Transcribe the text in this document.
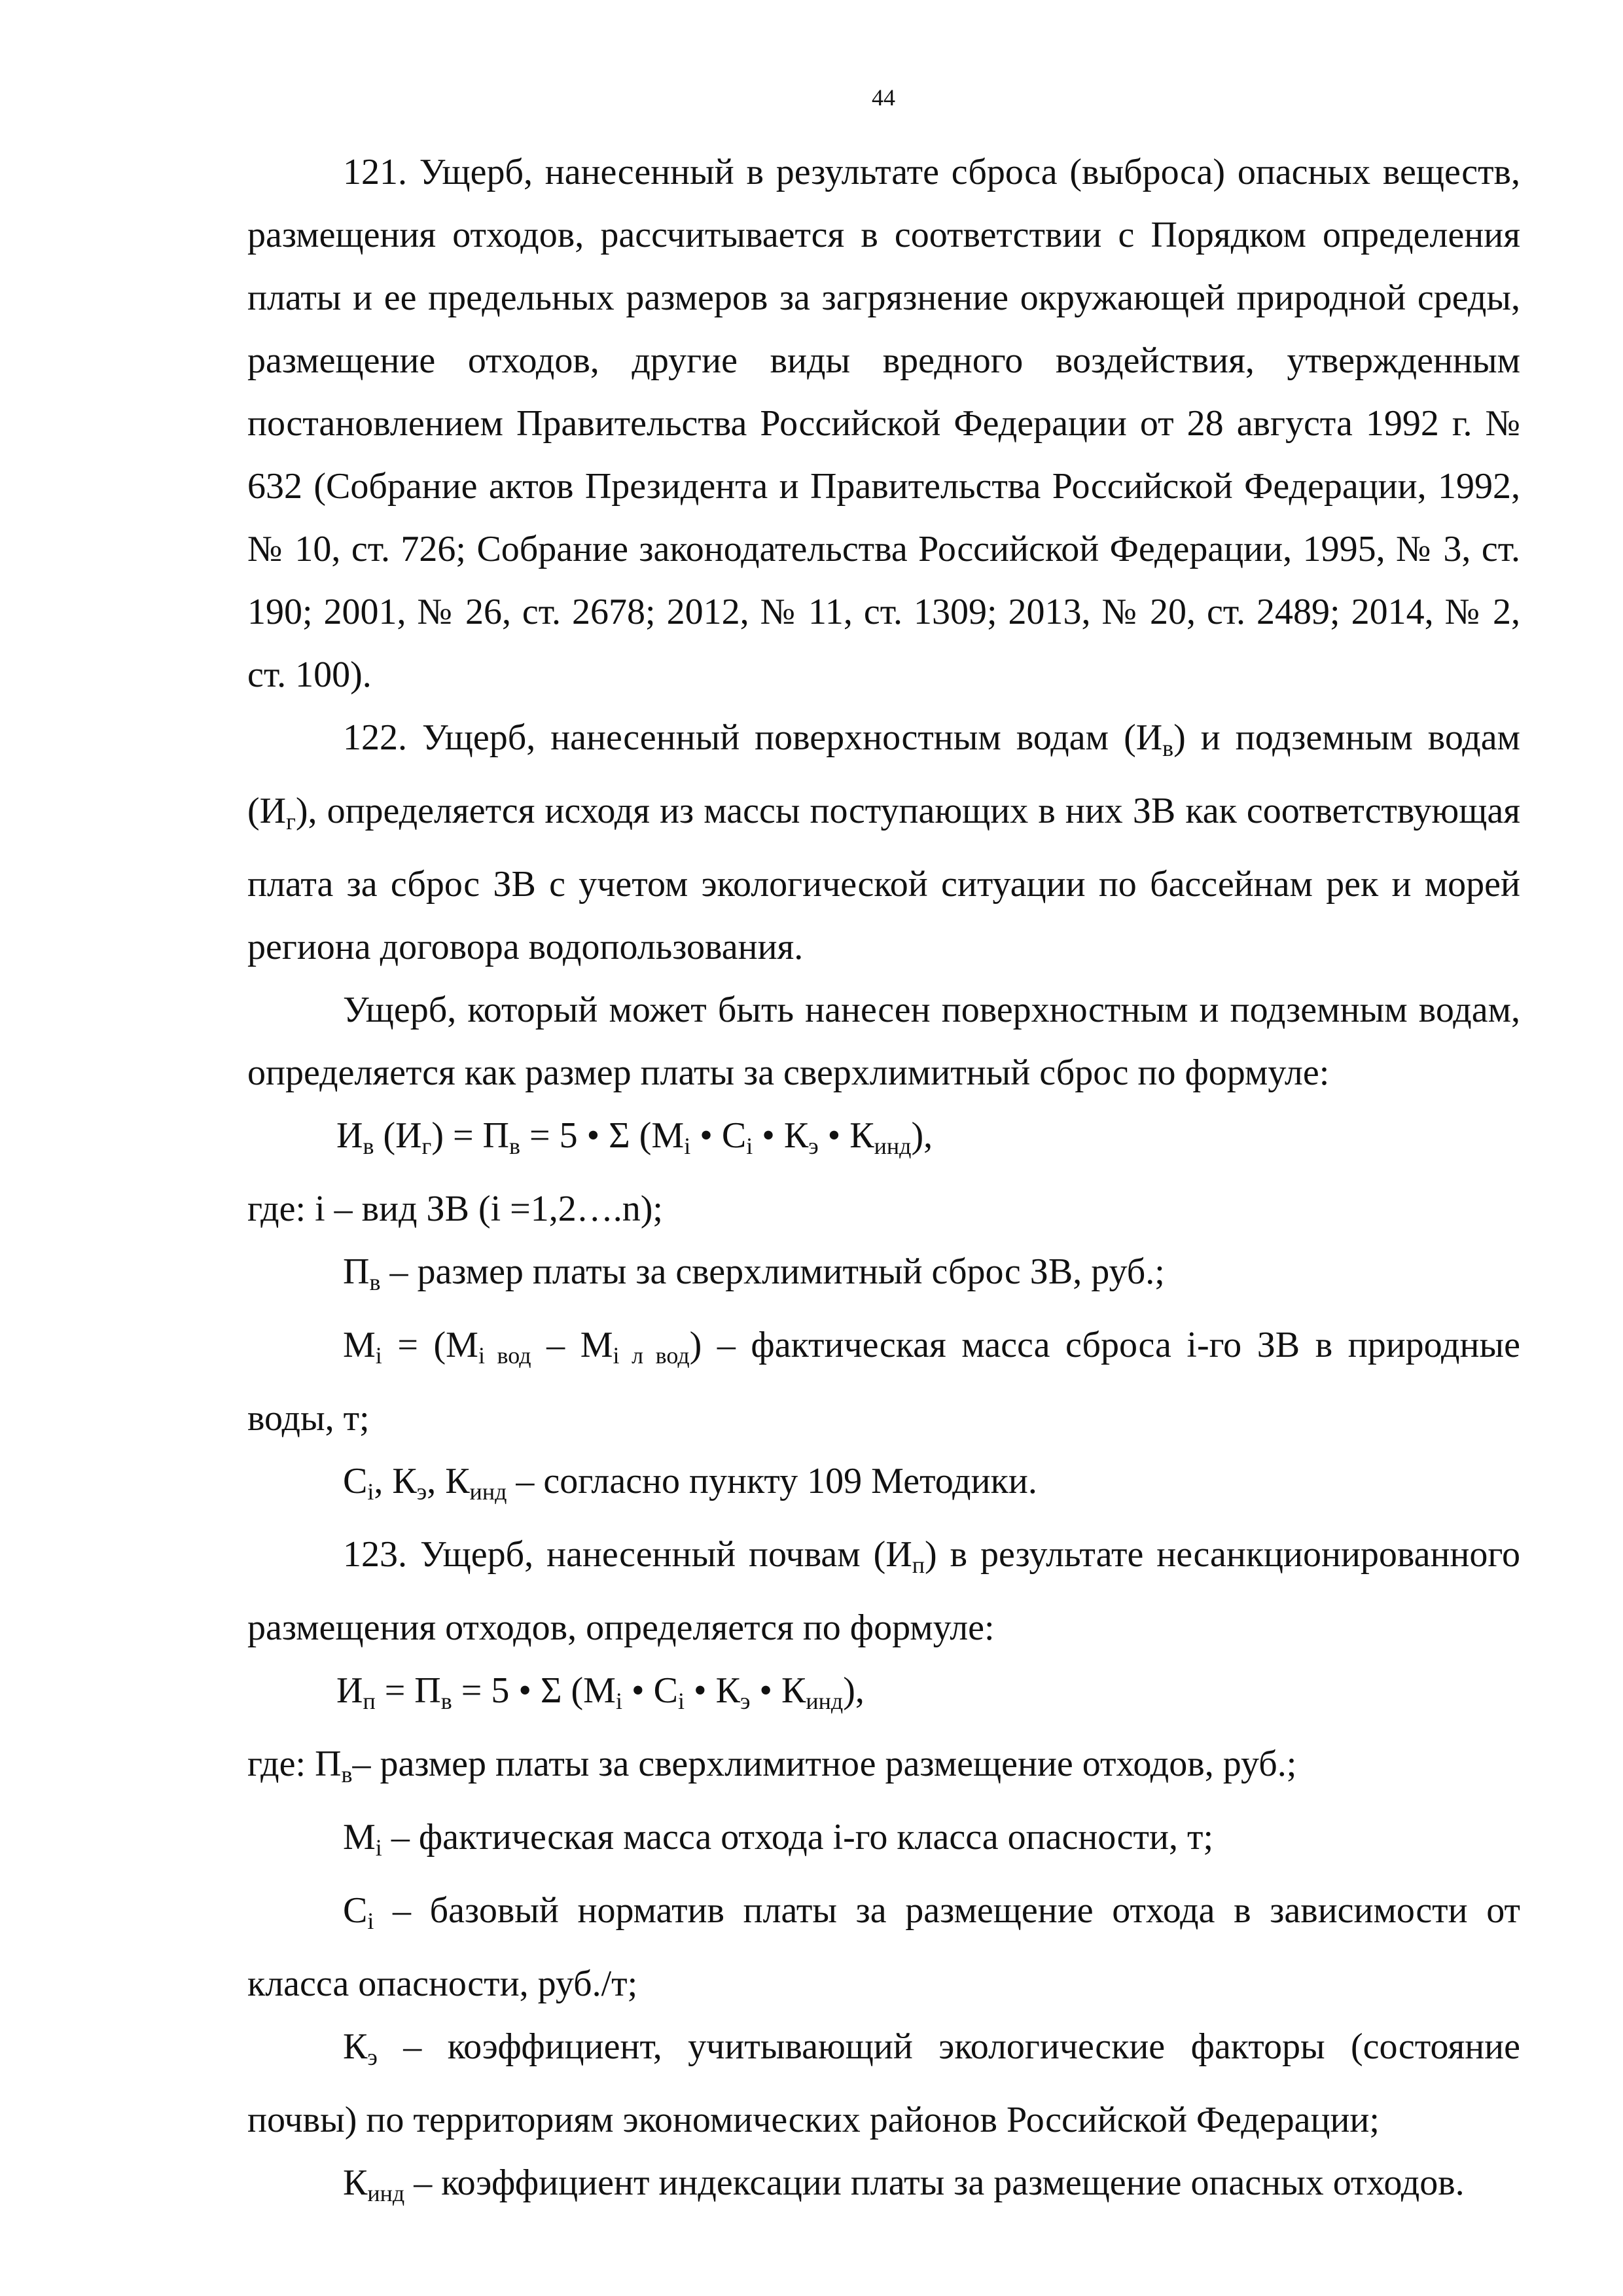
44

121. Ущерб, нанесенный в результате сброса (выброса) опасных веществ, размещения отходов, рассчитывается в соответствии с Порядком определения платы и ее предельных размеров за загрязнение окружающей природной среды, размещение отходов, другие виды вредного воздействия, утвержденным постановлением Правительства Российской Федерации от 28 августа 1992 г. № 632 (Собрание актов Президента и Правительства Российской Федерации, 1992, № 10, ст. 726; Собрание законодательства Российской Федерации, 1995, № 3, ст. 190; 2001, № 26, ст. 2678; 2012, № 11, ст. 1309; 2013, № 20, ст. 2489; 2014, № 2, ст. 100).

122. Ущерб, нанесенный поверхностным водам $(И_в)$ и подземным водам $(И_г)$, определяется исходя из массы поступающих в них ЗВ как соответствующая плата за сброс ЗВ с учетом экологической ситуации по бассейнам рек и морей региона договора водопользования.

Ущерб, который может быть нанесен поверхностным и подземным водам, определяется как размер платы за сверхлимитный сброс по формуле:

$И_в$ $(И_г) = П_в = 5$ • Σ ($М_i$ • $С_i$ • $К_э$ • $К_{инд}$),

где: i – вид ЗВ (i =1,2….n);

$П_в$ – размер платы за сверхлимитный сброс ЗВ, руб.;

$М_i = (М_{i вод} - М_{i л вод})$ – фактическая масса сброса i-го ЗВ в природные воды, т;

$С_i$, $К_э$, $К_{инд}$ – согласно пункту 109 Методики.

123. Ущерб, нанесенный почвам $(И_п)$ в результате несанкционированного размещения отходов, определяется по формуле:

$И_п = П_в = 5$ • Σ ($М_i$ • $С_i$ • $К_э$ • $К_{инд}$),

где: $П_в-$ размер платы за сверхлимитное размещение отходов, руб.;

$М_i$ – фактическая масса отхода i-го класса опасности, т;

$С_i$ – базовый норматив платы за размещение отхода в зависимости от класса опасности, руб./т;

$К_э$ – коэффициент, учитывающий экологические факторы (состояние почвы) по территориям экономических районов Российской Федерации;

$К_{инд}$ – коэффициент индексации платы за размещение опасных отходов.
